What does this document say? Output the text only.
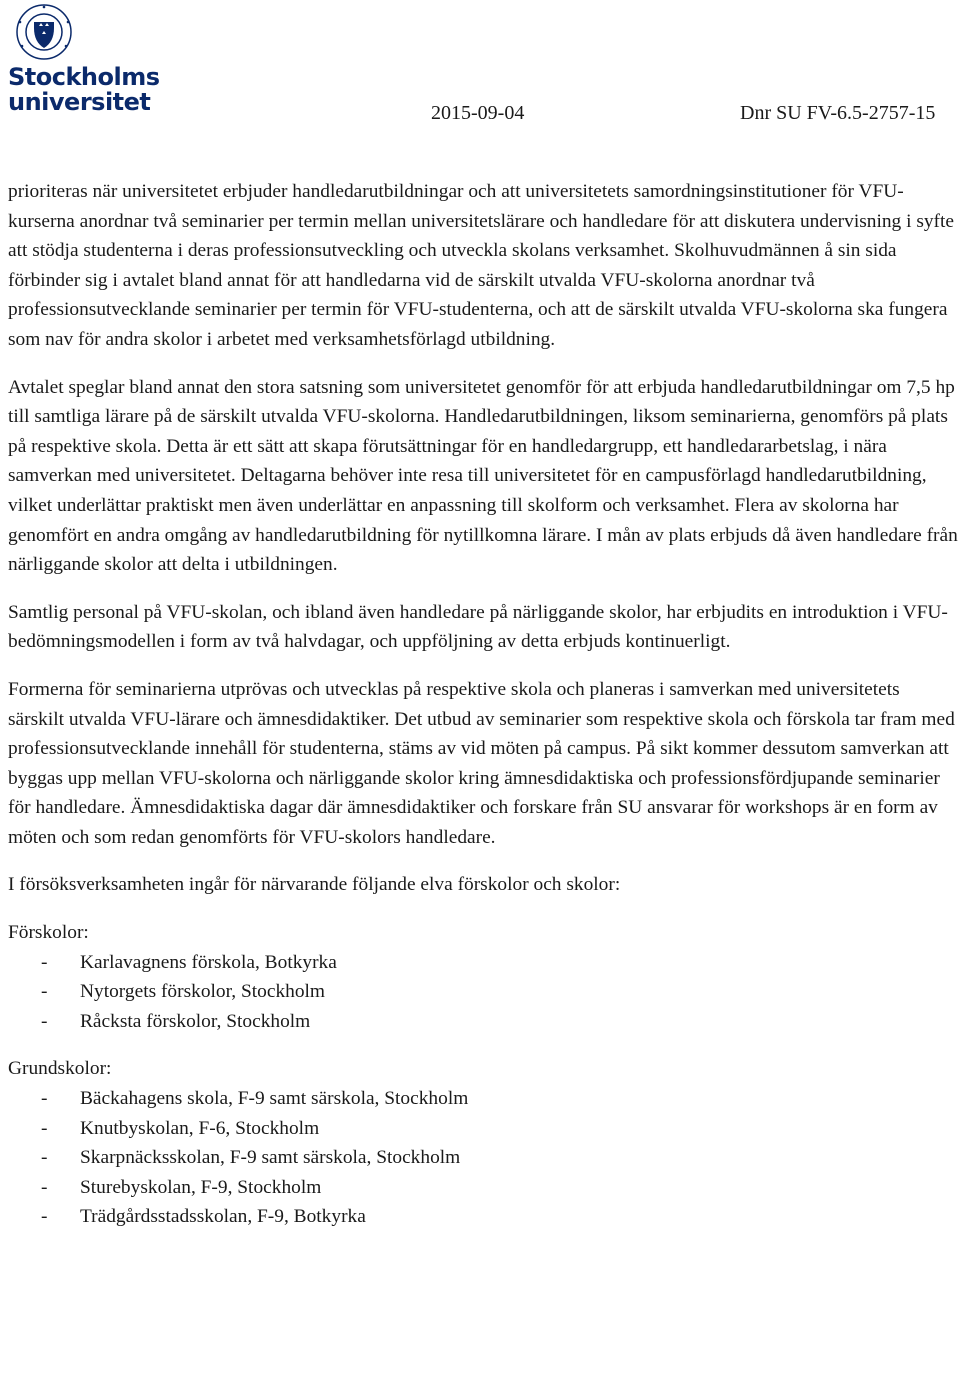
Stockholms
universitet	2015-09-04	Dnr SU FV-6.5-2757-15

prioriteras när universitetet erbjuder handledarutbildningar och att universitetets samordningsinstitutioner för VFU-kurserna anordnar två seminarier per termin mellan universitetslärare och handledare för att diskutera undervisning i syfte att stödja studenterna i deras professionsutveckling och utveckla skolans verksamhet. Skolhuvudmännen å sin sida förbinder sig i avtalet bland annat för att handledarna vid de särskilt utvalda VFU-skolorna anordnar två professionsutvecklande seminarier per termin för VFU-studenterna, och att de särskilt utvalda VFU-skolorna ska fungera som nav för andra skolor i arbetet med verksamhetsförlagd utbildning.

Avtalet speglar bland annat den stora satsning som universitetet genomför för att erbjuda handledarutbildningar om 7,5 hp till samtliga lärare på de särskilt utvalda VFU-skolorna. Handledarutbildningen, liksom seminarierna, genomförs på plats på respektive skola. Detta är ett sätt att skapa förutsättningar för en handledargrupp, ett handledararbetslag, i nära samverkan med universitetet. Deltagarna behöver inte resa till universitetet för en campusförlagd handledarutbildning, vilket underlättar praktiskt men även underlättar en anpassning till skolform och verksamhet. Flera av skolorna har genomfört en andra omgång av handledarutbildning för nytillkomna lärare. I mån av plats erbjuds då även handledare från närliggande skolor att delta i utbildningen.

Samtlig personal på VFU-skolan, och ibland även handledare på närliggande skolor, har erbjudits en introduktion i VFU-bedömningsmodellen i form av två halvdagar, och uppföljning av detta erbjuds kontinuerligt.

Formerna för seminarierna utprövas och utvecklas på respektive skola och planeras i samverkan med universitetets särskilt utvalda VFU-lärare och ämnesdidaktiker. Det utbud av seminarier som respektive skola och förskola tar fram med professionsutvecklande innehåll för studenterna, stäms av vid möten på campus. På sikt kommer dessutom samverkan att byggas upp mellan VFU-skolorna och närliggande skolor kring ämnesdidaktiska och professionsfördjupande seminarier för handledare. Ämnesdidaktiska dagar där ämnesdidaktiker och forskare från SU ansvarar för workshops är en form av möten och som redan genomförts för VFU-skolors handledare.

I försöksverksamheten ingår för närvarande följande elva förskolor och skolor:

Förskolor:

- Karlavagnens förskola, Botkyrka
- Nytorgets förskolor, Stockholm
- Råcksta förskolor, Stockholm

Grundskolor:

- Bäckahagens skola, F-9 samt särskola, Stockholm
- Knutbyskolan, F-6, Stockholm
- Skarpnäcksskolan, F-9 samt särskola, Stockholm
- Sturebyskolan, F-9, Stockholm
- Trädgårdsstadsskolan, F-9, Botkyrka
